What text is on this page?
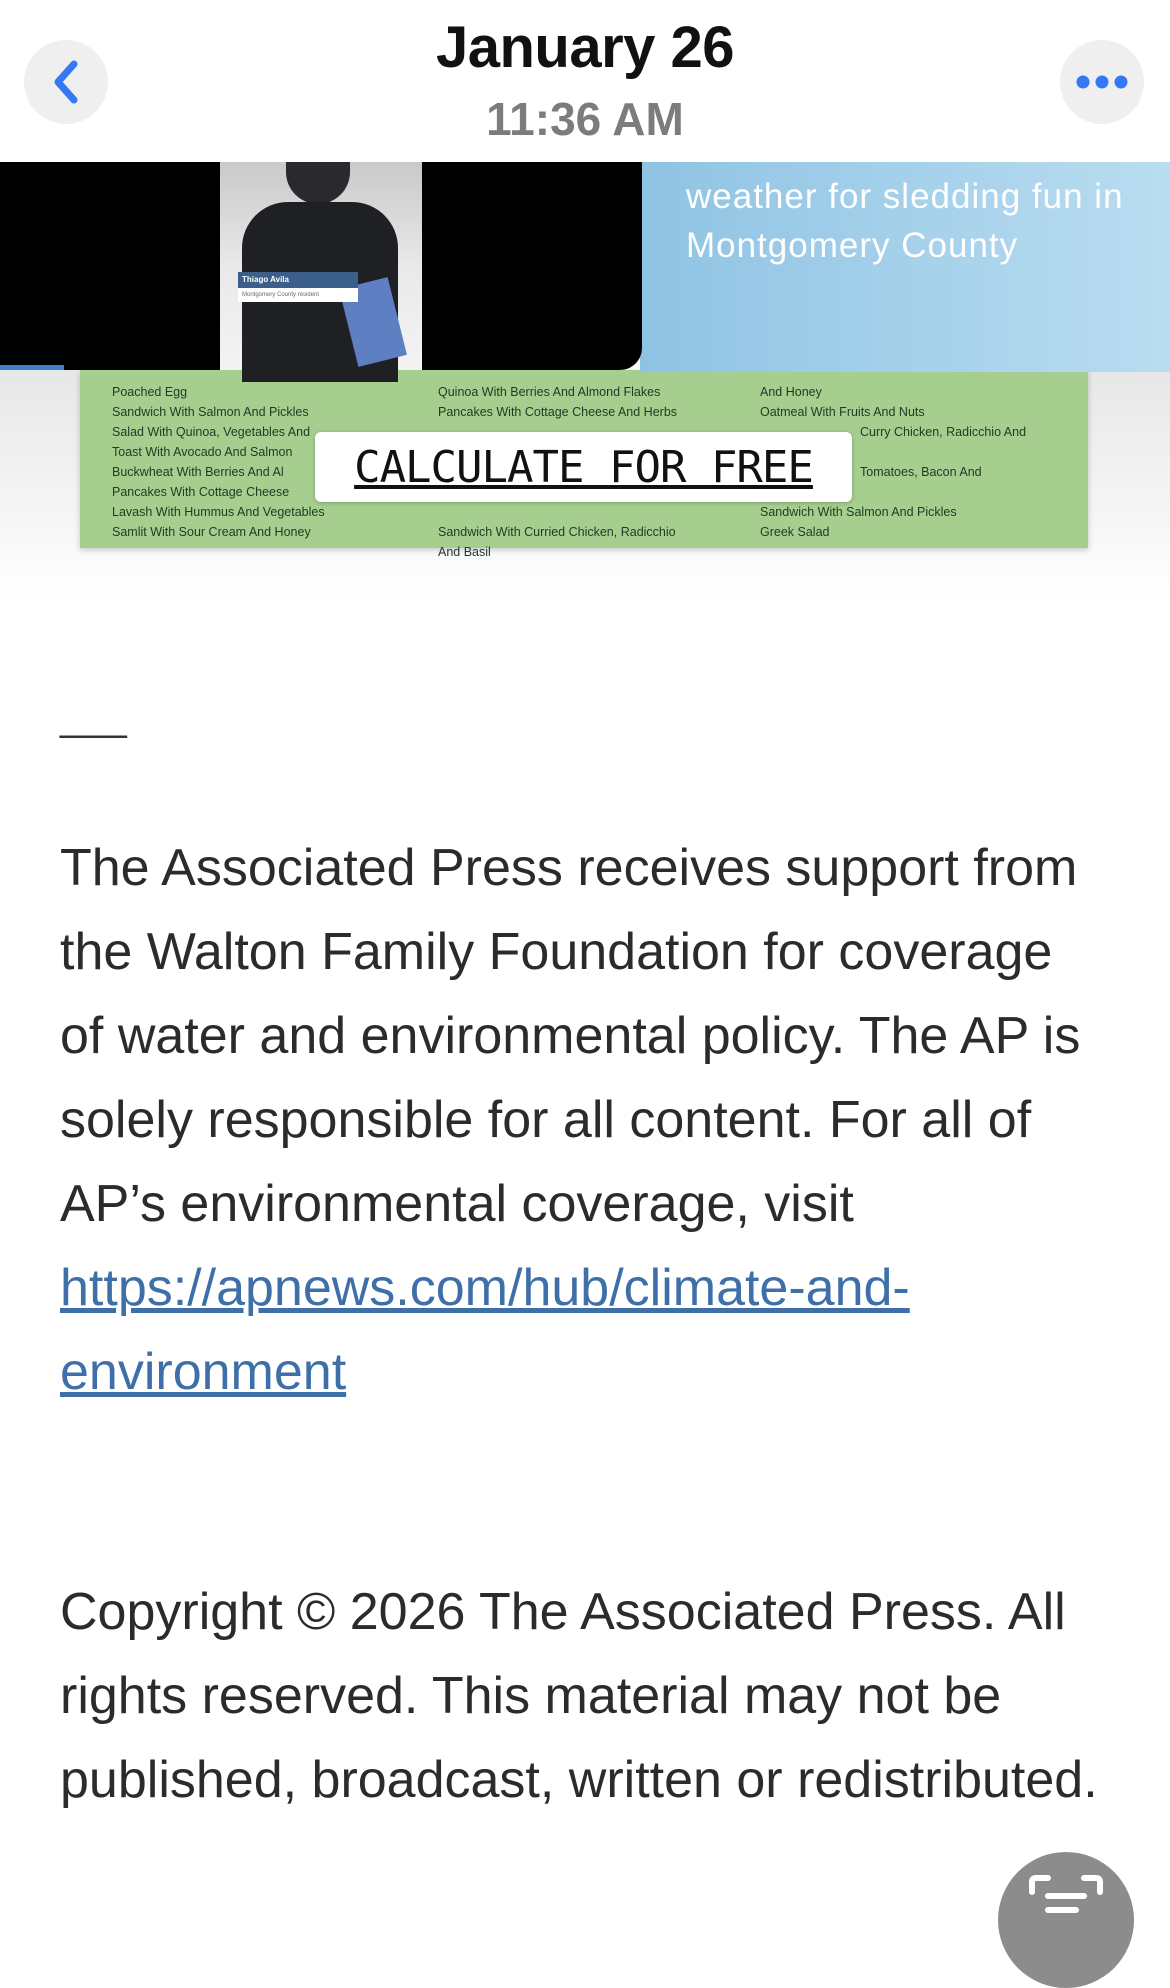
January 26
11:36 AM
weather for sledding fun in Montgomery County
Thiago Avila
Montgomery County resident
Poached Egg
Sandwich With Salmon And Pickles
Salad With Quinoa, Vegetables And
Toast With Avocado And Salmon
Buckwheat With Berries And Al
Pancakes With Cottage Cheese
Lavash With Hummus And Vegetables
Samlit With Sour Cream And Honey
Quinoa With Berries And Almond Flakes
Pancakes With Cottage Cheese And Herbs
Sandwich With Curried Chicken, Radicchio
And Basil
And Honey
Oatmeal With Fruits And Nuts
Curry Chicken, Radicchio And
Tomatoes, Bacon And
Sandwich With Salmon And Pickles
Greek Salad
CALCULATE FOR FREE
___
The Associated Press receives support from the Walton Family Foundation for coverage of water and environmental policy. The AP is solely responsible for all content. For all of AP’s environmental coverage, visit https://apnews.com/hub/climate-and-environment
Copyright © 2026 The Associated Press. All rights reserved. This material may not be published, broadcast, written or redistributed.
